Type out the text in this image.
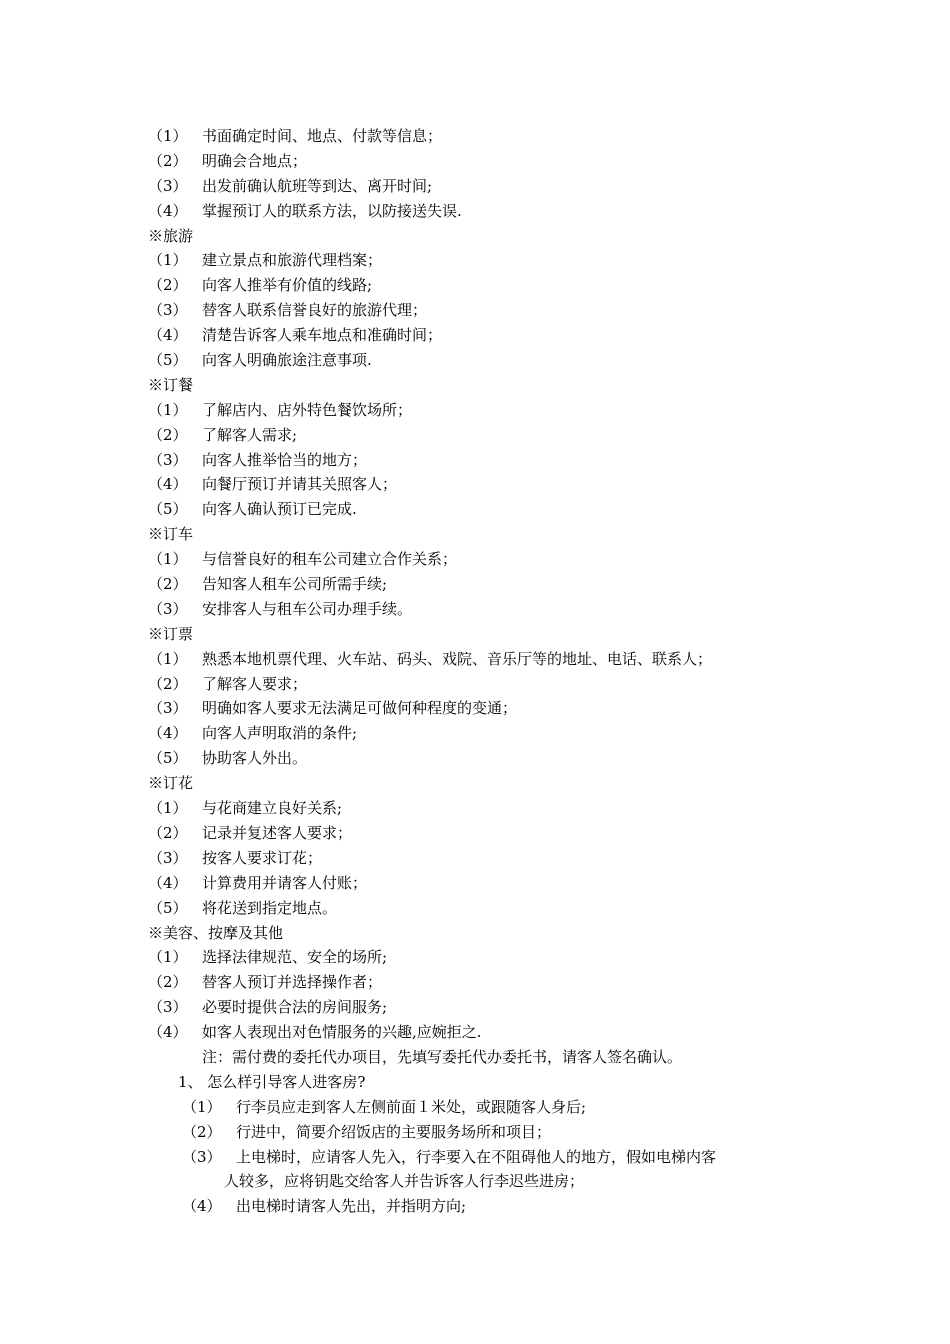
（1） 书面确定时间、地点、付款等信息；
（2） 明确会合地点；
（3） 出发前确认航班等到达、离开时间;
（4） 掌握预订人的联系方法，以防接送失误.
※旅游
（1） 建立景点和旅游代理档案；
（2） 向客人推举有价值的线路;
（3） 替客人联系信誉良好的旅游代理；
（4） 清楚告诉客人乘车地点和准确时间；
（5） 向客人明确旅途注意事项.
※订餐
（1） 了解店内、店外特色餐饮场所；
（2） 了解客人需求;
（3） 向客人推举恰当的地方；
（4） 向餐厅预订并请其关照客人；
（5） 向客人确认预订已完成.
※订车
（1） 与信誉良好的租车公司建立合作关系；
（2） 告知客人租车公司所需手续;
（3） 安排客人与租车公司办理手续。
※订票
（1） 熟悉本地机票代理、火车站、码头、戏院、音乐厅等的地址、电话、联系人；
（2） 了解客人要求；
（3） 明确如客人要求无法满足可做何种程度的变通；
（4） 向客人声明取消的条件;
（5） 协助客人外出。
※订花
（1） 与花商建立良好关系;
（2） 记录并复述客人要求；
（3） 按客人要求订花；
（4） 计算费用并请客人付账；
（5） 将花送到指定地点。
※美容、按摩及其他
（1） 选择法律规范、安全的场所;
（2） 替客人预订并选择操作者；
（3） 必要时提供合法的房间服务;
（4） 如客人表现出对色情服务的兴趣,应婉拒之.
注：需付费的委托代办项目，先填写委托代办委托书，请客人签名确认。
1、 怎么样引导客人进客房?
（1） 行李员应走到客人左侧前面１米处，或跟随客人身后;
（2） 行进中，简要介绍饭店的主要服务场所和项目；
（3） 上电梯时，应请客人先入，行李要入在不阻碍他人的地方，假如电梯内客
人较多，应将钥匙交给客人并告诉客人行李迟些进房；
（4） 出电梯时请客人先出，并指明方向;
